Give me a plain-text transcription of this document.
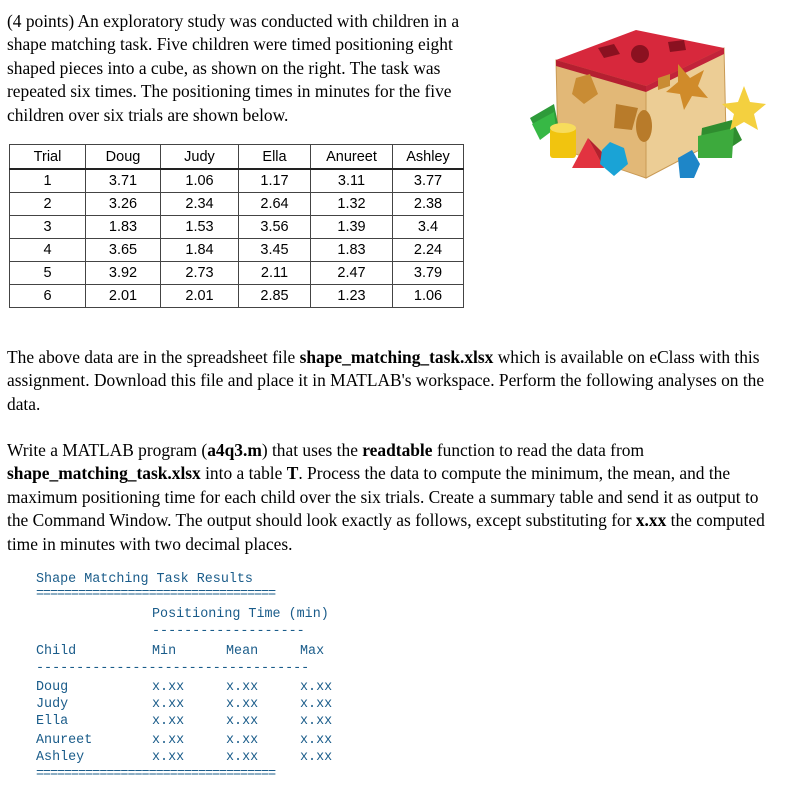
(4 points) An exploratory study was conducted with children in a shape matching task. Five children were timed positioning eight shaped pieces into a cube, as shown on the right. The task was repeated six times. The positioning times in minutes for the five children over six trials are shown below.
Trial	Doug	Judy	Ella	Anureet	Ashley
1	3.71	1.06	1.17	3.11	3.77
2	3.26	2.34	2.64	1.32	2.38
3	1.83	1.53	3.56	1.39	3.4
4	3.65	1.84	3.45	1.83	2.24
5	3.92	2.73	2.11	2.47	3.79
6	2.01	2.01	2.85	1.23	1.06
The above data are in the spreadsheet file shape_matching_task.xlsx which is available on eClass with this assignment. Download this file and place it in MATLAB's workspace. Perform the following analyses on the data.
Write a MATLAB program (a4q3.m) that uses the readtable function to read the data from shape_matching_task.xlsx into a table T. Process the data to compute the minimum, the mean, and the maximum positioning time for each child over the six trials. Create a summary table and send it as output to the Command Window. The output should look exactly as follows, except substituting for x.xx the computed time in minutes with two decimal places.
Shape Matching Task Results
==================================
Positioning Time (min)
-------------------
Child	Min	Mean	Max
----------------------------------
Doug	x.xx	x.xx	x.xx
Judy	x.xx	x.xx	x.xx
Ella	x.xx	x.xx	x.xx
Anureet	x.xx	x.xx	x.xx
Ashley	x.xx	x.xx	x.xx
==================================
